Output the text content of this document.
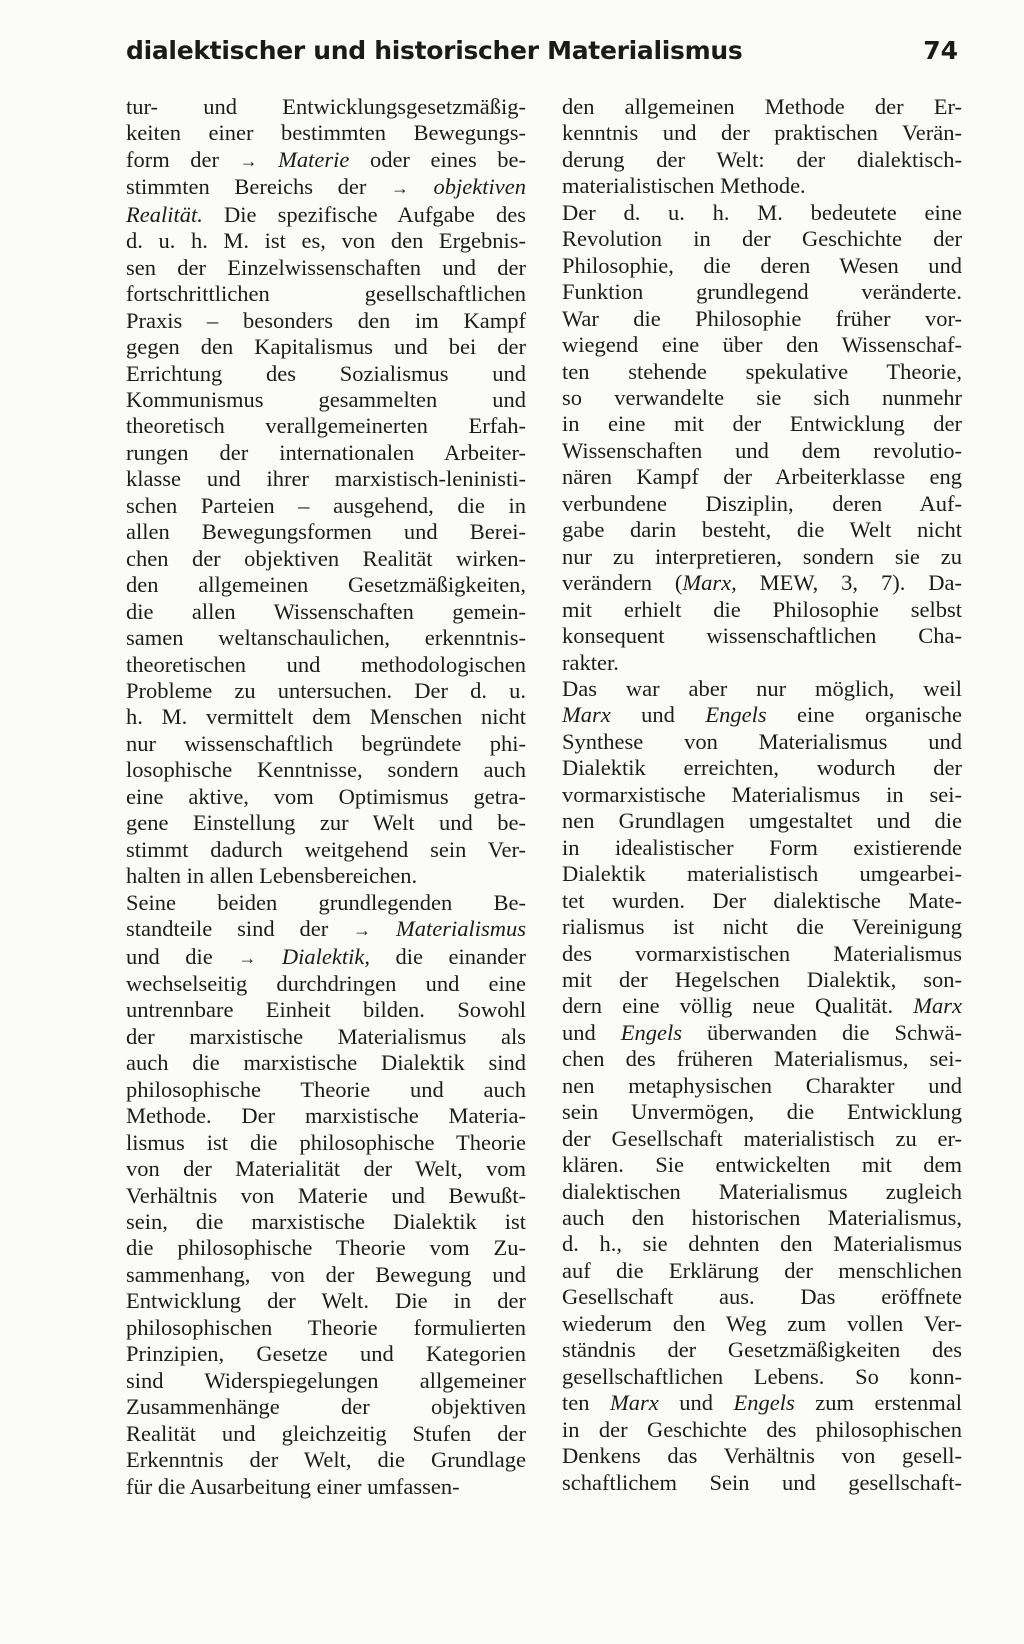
dialektischer und historischer Materialismus	74
tur- und Entwicklungsgesetzmäßig-
keiten einer bestimmten Bewegungs-
form der → Materie oder eines be-
stimmten Bereichs der → objektiven
Realität. Die spezifische Aufgabe des
d. u. h. M. ist es, von den Ergebnis-
sen der Einzelwissenschaften und der
fortschrittlichen gesellschaftlichen
Praxis – besonders den im Kampf
gegen den Kapitalismus und bei der
Errichtung des Sozialismus und
Kommunismus gesammelten und
theoretisch verallgemeinerten Erfah-
rungen der internationalen Arbeiter-
klasse und ihrer marxistisch-leninisti-
schen Parteien – ausgehend, die in
allen Bewegungsformen und Berei-
chen der objektiven Realität wirken-
den allgemeinen Gesetzmäßigkeiten,
die allen Wissenschaften gemein-
samen weltanschaulichen, erkenntnis-
theoretischen und methodologischen
Probleme zu untersuchen. Der d. u.
h. M. vermittelt dem Menschen nicht
nur wissenschaftlich begründete phi-
losophische Kenntnisse, sondern auch
eine aktive, vom Optimismus getra-
gene Einstellung zur Welt und be-
stimmt dadurch weitgehend sein Ver-
halten in allen Lebensbereichen.
Seine beiden grundlegenden Be-
standteile sind der → Materialismus
und die → Dialektik, die einander
wechselseitig durchdringen und eine
untrennbare Einheit bilden. Sowohl
der marxistische Materialismus als
auch die marxistische Dialektik sind
philosophische Theorie und auch
Methode. Der marxistische Materia-
lismus ist die philosophische Theorie
von der Materialität der Welt, vom
Verhältnis von Materie und Bewußt-
sein, die marxistische Dialektik ist
die philosophische Theorie vom Zu-
sammenhang, von der Bewegung und
Entwicklung der Welt. Die in der
philosophischen Theorie formulierten
Prinzipien, Gesetze und Kategorien
sind Widerspiegelungen allgemeiner
Zusammenhänge der objektiven
Realität und gleichzeitig Stufen der
Erkenntnis der Welt, die Grundlage
für die Ausarbeitung einer umfassen-
den allgemeinen Methode der Er-
kenntnis und der praktischen Verän-
derung der Welt: der dialektisch-
materialistischen Methode.
Der d. u. h. M. bedeutete eine
Revolution in der Geschichte der
Philosophie, die deren Wesen und
Funktion grundlegend veränderte.
War die Philosophie früher vor-
wiegend eine über den Wissenschaf-
ten stehende spekulative Theorie,
so verwandelte sie sich nunmehr
in eine mit der Entwicklung der
Wissenschaften und dem revolutio-
nären Kampf der Arbeiterklasse eng
verbundene Disziplin, deren Auf-
gabe darin besteht, die Welt nicht
nur zu interpretieren, sondern sie zu
verändern (Marx, MEW, 3, 7). Da-
mit erhielt die Philosophie selbst
konsequent wissenschaftlichen Cha-
rakter.
Das war aber nur möglich, weil
Marx und Engels eine organische
Synthese von Materialismus und
Dialektik erreichten, wodurch der
vormarxistische Materialismus in sei-
nen Grundlagen umgestaltet und die
in idealistischer Form existierende
Dialektik materialistisch umgearbei-
tet wurden. Der dialektische Mate-
rialismus ist nicht die Vereinigung
des vormarxistischen Materialismus
mit der Hegelschen Dialektik, son-
dern eine völlig neue Qualität. Marx
und Engels überwanden die Schwä-
chen des früheren Materialismus, sei-
nen metaphysischen Charakter und
sein Unvermögen, die Entwicklung
der Gesellschaft materialistisch zu er-
klären. Sie entwickelten mit dem
dialektischen Materialismus zugleich
auch den historischen Materialismus,
d. h., sie dehnten den Materialismus
auf die Erklärung der menschlichen
Gesellschaft aus. Das eröffnete
wiederum den Weg zum vollen Ver-
ständnis der Gesetzmäßigkeiten des
gesellschaftlichen Lebens. So konn-
ten Marx und Engels zum erstenmal
in der Geschichte des philosophischen
Denkens das Verhältnis von gesell-
schaftlichem Sein und gesellschaft-
